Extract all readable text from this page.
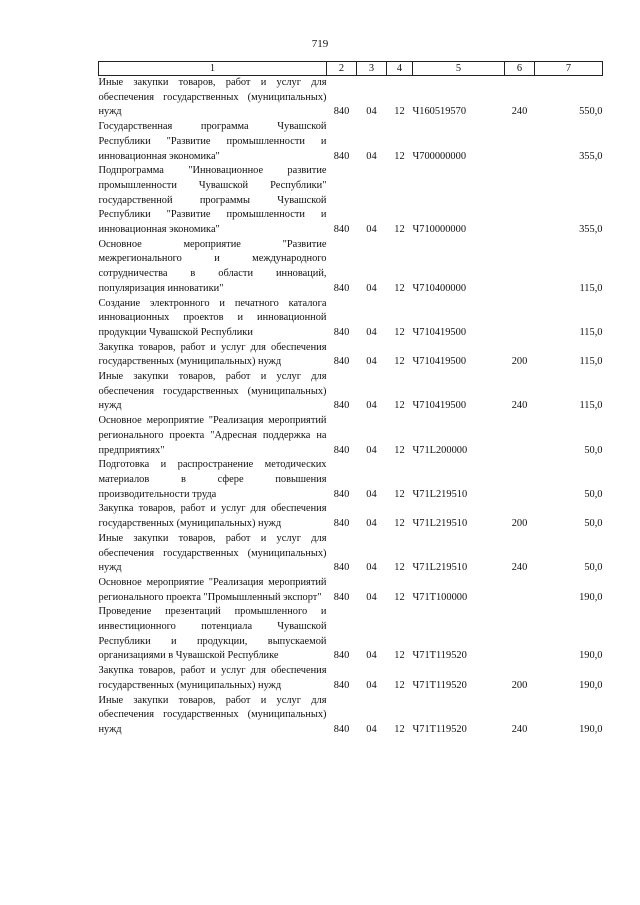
719
1	2	3	4	5	6	7
Иные закупки товаров, работ и услуг для обеспечения государственных (муниципальных) нужд	840	04	12	Ч160519570	240	550,0
Государственная программа Чувашской Республики "Развитие промышленности и инновационная экономика"	840	04	12	Ч700000000		355,0
Подпрограмма "Инновационное развитие промышленности Чувашской Республики" государственной программы Чувашской Республики "Развитие промышленности и инновационная экономика"	840	04	12	Ч710000000		355,0
Основное мероприятие "Развитие межрегионального и международного сотрудничества в области инноваций, популяризация инноватики"	840	04	12	Ч710400000		115,0
Создание электронного и печатного каталога инновационных проектов и инновационной продукции Чувашской Республики	840	04	12	Ч710419500		115,0
Закупка товаров, работ и услуг для обеспечения государственных (муниципальных) нужд	840	04	12	Ч710419500	200	115,0
Иные закупки товаров, работ и услуг для обеспечения государственных (муниципальных) нужд	840	04	12	Ч710419500	240	115,0
Основное мероприятие "Реализация мероприятий регионального проекта "Адресная поддержка на предприятиях"	840	04	12	Ч71L200000		50,0
Подготовка и распространение методических материалов в сфере повышения производительности труда	840	04	12	Ч71L219510		50,0
Закупка товаров, работ и услуг для обеспечения государственных (муниципальных) нужд	840	04	12	Ч71L219510	200	50,0
Иные закупки товаров, работ и услуг для обеспечения государственных (муниципальных) нужд	840	04	12	Ч71L219510	240	50,0
Основное мероприятие "Реализация мероприятий регионального проекта "Промышленный экспорт"	840	04	12	Ч71T100000		190,0
Проведение презентаций промышленного и инвестиционного потенциала Чувашской Республики и продукции, выпускаемой организациями в Чувашской Республике	840	04	12	Ч71T119520		190,0
Закупка товаров, работ и услуг для обеспечения государственных (муниципальных) нужд	840	04	12	Ч71T119520	200	190,0
Иные закупки товаров, работ и услуг для обеспечения государственных (муниципальных) нужд	840	04	12	Ч71T119520	240	190,0
